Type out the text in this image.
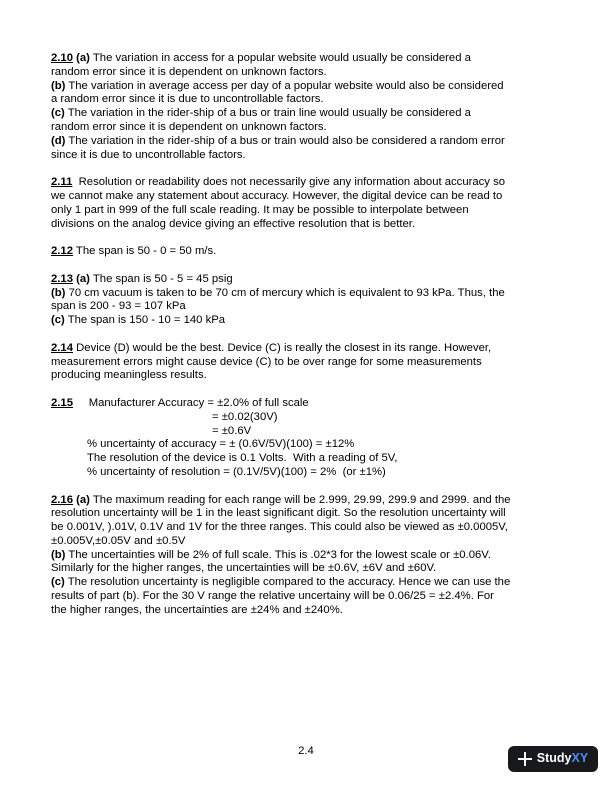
2.10 (a) The variation in access for a popular website would usually be considered a
random error since it is dependent on unknown factors.
(b) The variation in average access per day of a popular website would also be considered
a random error since it is due to uncontrollable factors.
(c) The variation in the rider-ship of a bus or train line would usually be considered a
random error since it is dependent on unknown factors.
(d) The variation in the rider-ship of a bus or train would also be considered a random error
since it is due to uncontrollable factors.
2.11  Resolution or readability does not necessarily give any information about accuracy so
we cannot make any statement about accuracy. However, the digital device can be read to
only 1 part in 999 of the full scale reading. It may be possible to interpolate between
divisions on the analog device giving an effective resolution that is better.
2.12 The span is 50 - 0 = 50 m/s.
2.13 (a) The span is 50 - 5 = 45 psig
(b) 70 cm vacuum is taken to be 70 cm of mercury which is equivalent to 93 kPa. Thus, the
span is 200 - 93 = 107 kPa
(c) The span is 150 - 10 = 140 kPa
2.14 Device (D) would be the best. Device (C) is really the closest in its range. However,
measurement errors might cause device (C) to be over range for some measurements
producing meaningless results.
2.15     Manufacturer Accuracy = ±2.0% of full scale
= ±0.02(30V)
= ±0.6V
% uncertainty of accuracy = ± (0.6V/5V)(100) = ±12%
The resolution of the device is 0.1 Volts.  With a reading of 5V,
% uncertainty of resolution = (0.1V/5V)(100) = 2%  (or ±1%)
2.16 (a) The maximum reading for each range will be 2.999, 29.99, 299.9 and 2999. and the
resolution uncertainty will be 1 in the least significant digit. So the resolution uncertainty will
be 0.001V, ).01V, 0.1V and 1V for the three ranges. This could also be viewed as ±0.0005V,
±0.005V,±0.05V and ±0.5V
(b) The uncertainties will be 2% of full scale. This is .02*3 for the lowest scale or ±0.06V.
Similarly for the higher ranges, the uncertainties will be ±0.6V, ±6V and ±60V.
(c) The resolution uncertainty is negligible compared to the accuracy. Hence we can use the
results of part (b). For the 30 V range the relative uncertainy will be 0.06/25 = ±2.4%. For
the higher ranges, the uncertainties are ±24% and ±240%.
2.4
StudyXY
